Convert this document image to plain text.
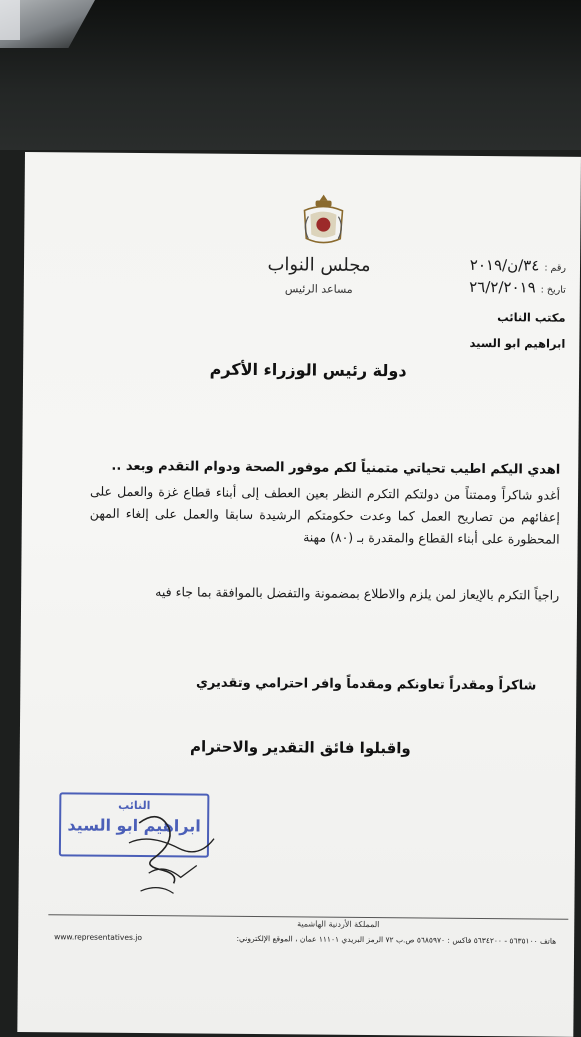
مجلس النواب
مساعد الرئيس
رقم : ٣٤/ن/٢٠١٩
تاريخ : ٢٦/٢/٢٠١٩
مكتب النائب
ابراهيم ابو السيد
دولة رئيس الوزراء الأكرم
اهدي اليكم اطيب تحياتي متمنياً لكم موفور الصحة ودوام التقدم وبعد ..
أغدو شاكراً وممتناً من دولتكم التكرم النظر بعين العطف إلى أبناء قطاع غزة والعمل على إعفائهم من تصاريح العمل كما وعدت حكومتكم الرشيدة سابقا والعمل على إلغاء المهن المحظورة على أبناء القطاع والمقدرة بـ (٨٠) مهنة
راجياً التكرم بالإيعاز لمن يلزم والاطلاع بمضمونة والتفضل بالموافقة بما جاء فيه
شاكراً ومقدراً تعاونكم ومقدماً وافر احترامي وتقديري
واقبلوا فائق التقدير والاحترام
النائب
ابراهيم ابو السيد
المملكة الأردنية الهاشمية
هاتف ٥٦٣٥١٠٠ - ٥٦٣٤٢٠٠ فاكس : ٥٦٨٥٩٧٠ ص.ب ٧٢ الرمز البريدي ١١١٠١ عمان ، الموقع الإلكتروني:
www.representatives.jo
